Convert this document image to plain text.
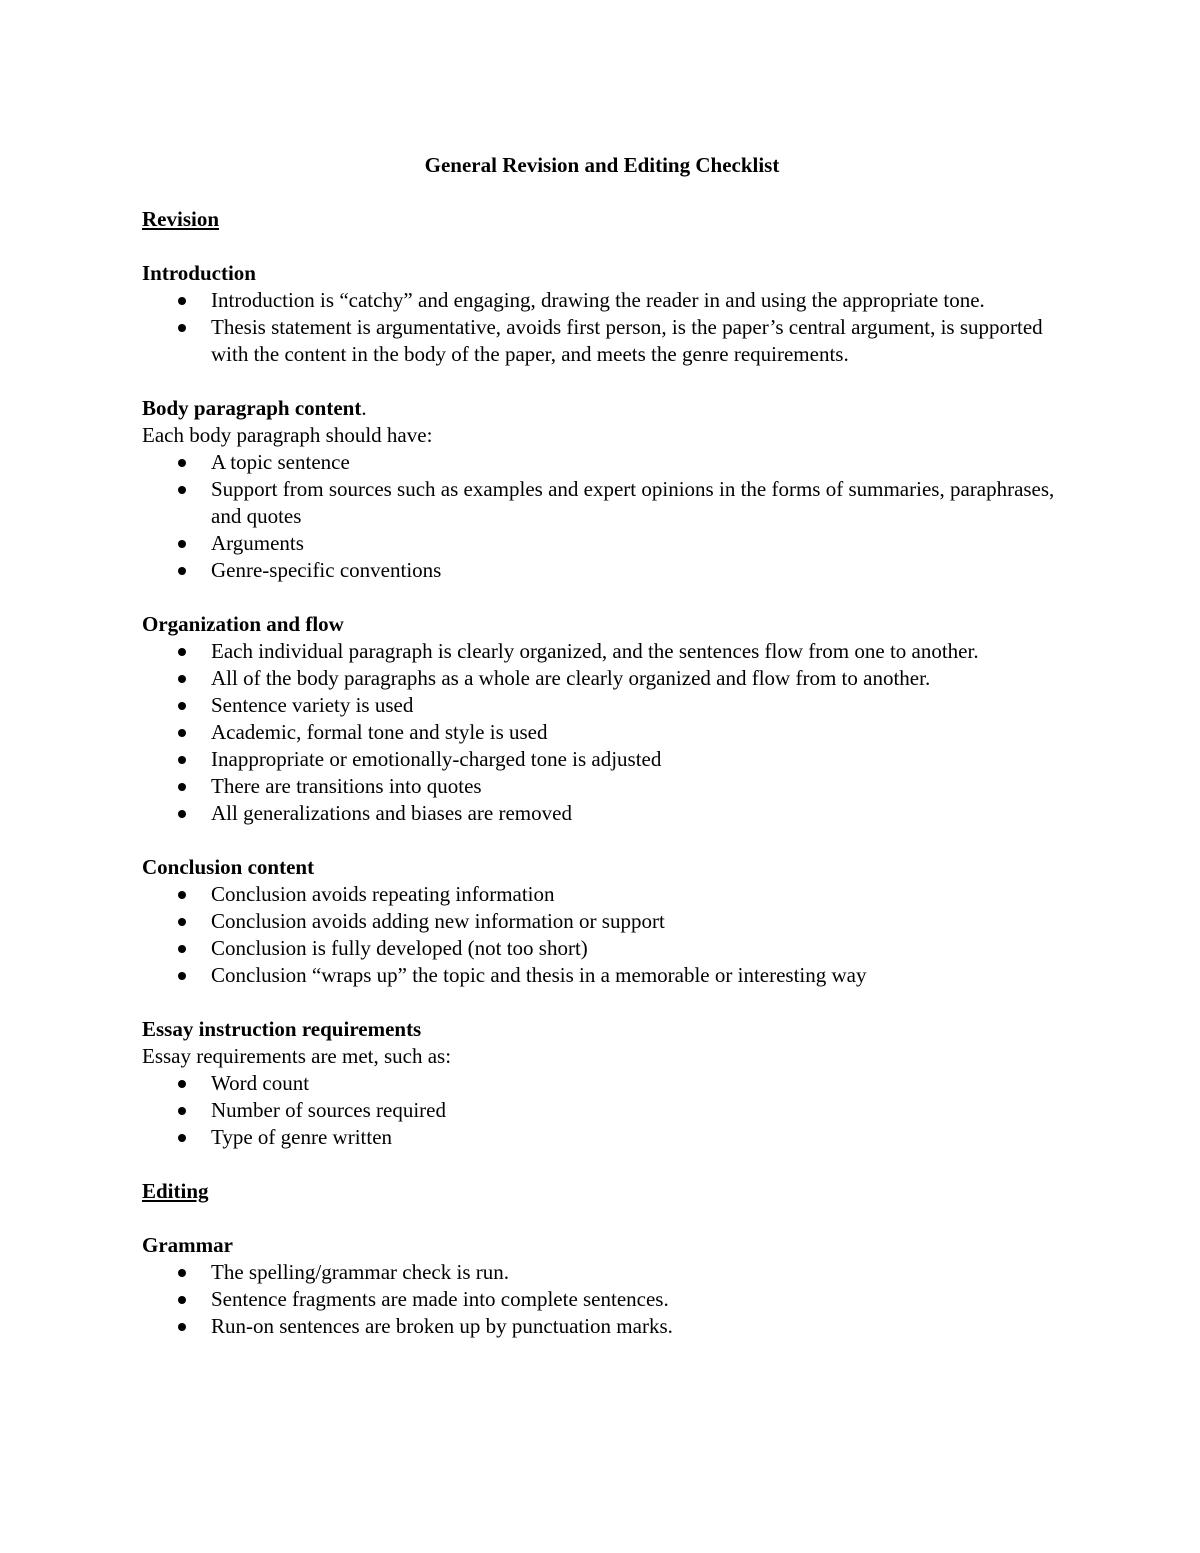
General Revision and Editing Checklist
Revision
Introduction
Introduction is “catchy” and engaging, drawing the reader in and using the appropriate tone.
Thesis statement is argumentative, avoids first person, is the paper’s central argument, is supported with the content in the body of the paper, and meets the genre requirements.
Body paragraph content.
Each body paragraph should have:
A topic sentence
Support from sources such as examples and expert opinions in the forms of summaries, paraphrases, and quotes
Arguments
Genre-specific conventions
Organization and flow
Each individual paragraph is clearly organized, and the sentences flow from one to another.
All of the body paragraphs as a whole are clearly organized and flow from to another.
Sentence variety is used
Academic, formal tone and style is used
Inappropriate or emotionally-charged tone is adjusted
There are transitions into quotes
All generalizations and biases are removed
Conclusion content
Conclusion avoids repeating information
Conclusion avoids adding new information or support
Conclusion is fully developed (not too short)
Conclusion “wraps up” the topic and thesis in a memorable or interesting way
Essay instruction requirements
Essay requirements are met, such as:
Word count
Number of sources required
Type of genre written
Editing
Grammar
The spelling/grammar check is run.
Sentence fragments are made into complete sentences.
Run-on sentences are broken up by punctuation marks.
